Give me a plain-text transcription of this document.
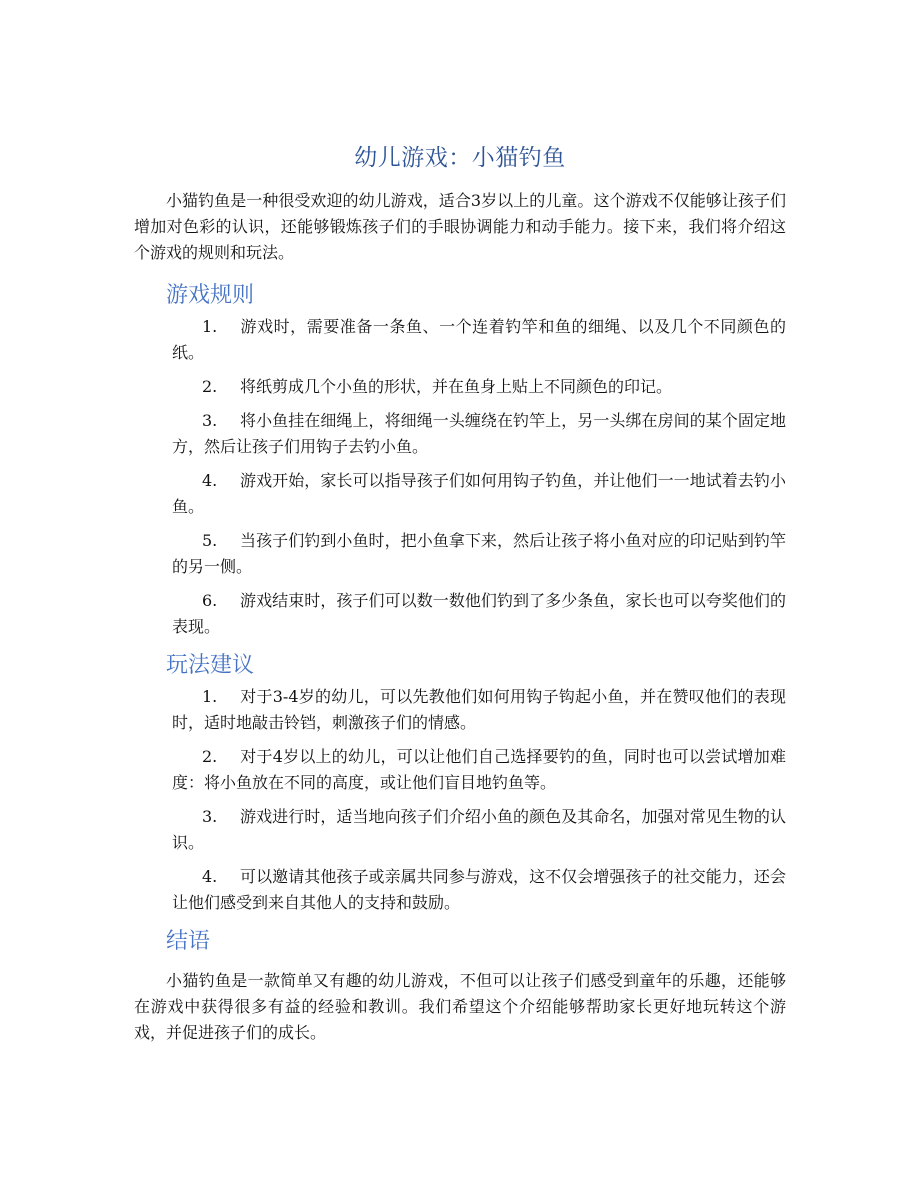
幼儿游戏：小猫钓鱼

小猫钓鱼是一种很受欢迎的幼儿游戏，适合3岁以上的儿童。这个游戏不仅能够让孩子们增加对色彩的认识，还能够锻炼孩子们的手眼协调能力和动手能力。接下来，我们将介绍这个游戏的规则和玩法。

游戏规则
1. 游戏时，需要准备一条鱼、一个连着钓竿和鱼的细绳、以及几个不同颜色的纸。
2. 将纸剪成几个小鱼的形状，并在鱼身上贴上不同颜色的印记。
3. 将小鱼挂在细绳上，将细绳一头缠绕在钓竿上，另一头绑在房间的某个固定地方，然后让孩子们用钩子去钓小鱼。
4. 游戏开始，家长可以指导孩子们如何用钩子钓鱼，并让他们一一地试着去钓小鱼。
5. 当孩子们钓到小鱼时，把小鱼拿下来，然后让孩子将小鱼对应的印记贴到钓竿的另一侧。
6. 游戏结束时，孩子们可以数一数他们钓到了多少条鱼，家长也可以夸奖他们的表现。
玩法建议
1. 对于3-4岁的幼儿，可以先教他们如何用钩子钩起小鱼，并在赞叹他们的表现时，适时地敲击铃铛，刺激孩子们的情感。
2. 对于4岁以上的幼儿，可以让他们自己选择要钓的鱼，同时也可以尝试增加难度：将小鱼放在不同的高度，或让他们盲目地钓鱼等。
3. 游戏进行时，适当地向孩子们介绍小鱼的颜色及其命名，加强对常见生物的认识。
4. 可以邀请其他孩子或亲属共同参与游戏，这不仅会增强孩子的社交能力，还会让他们感受到来自其他人的支持和鼓励。
结语

小猫钓鱼是一款简单又有趣的幼儿游戏，不但可以让孩子们感受到童年的乐趣，还能够在游戏中获得很多有益的经验和教训。我们希望这个介绍能够帮助家长更好地玩转这个游戏，并促进孩子们的成长。
